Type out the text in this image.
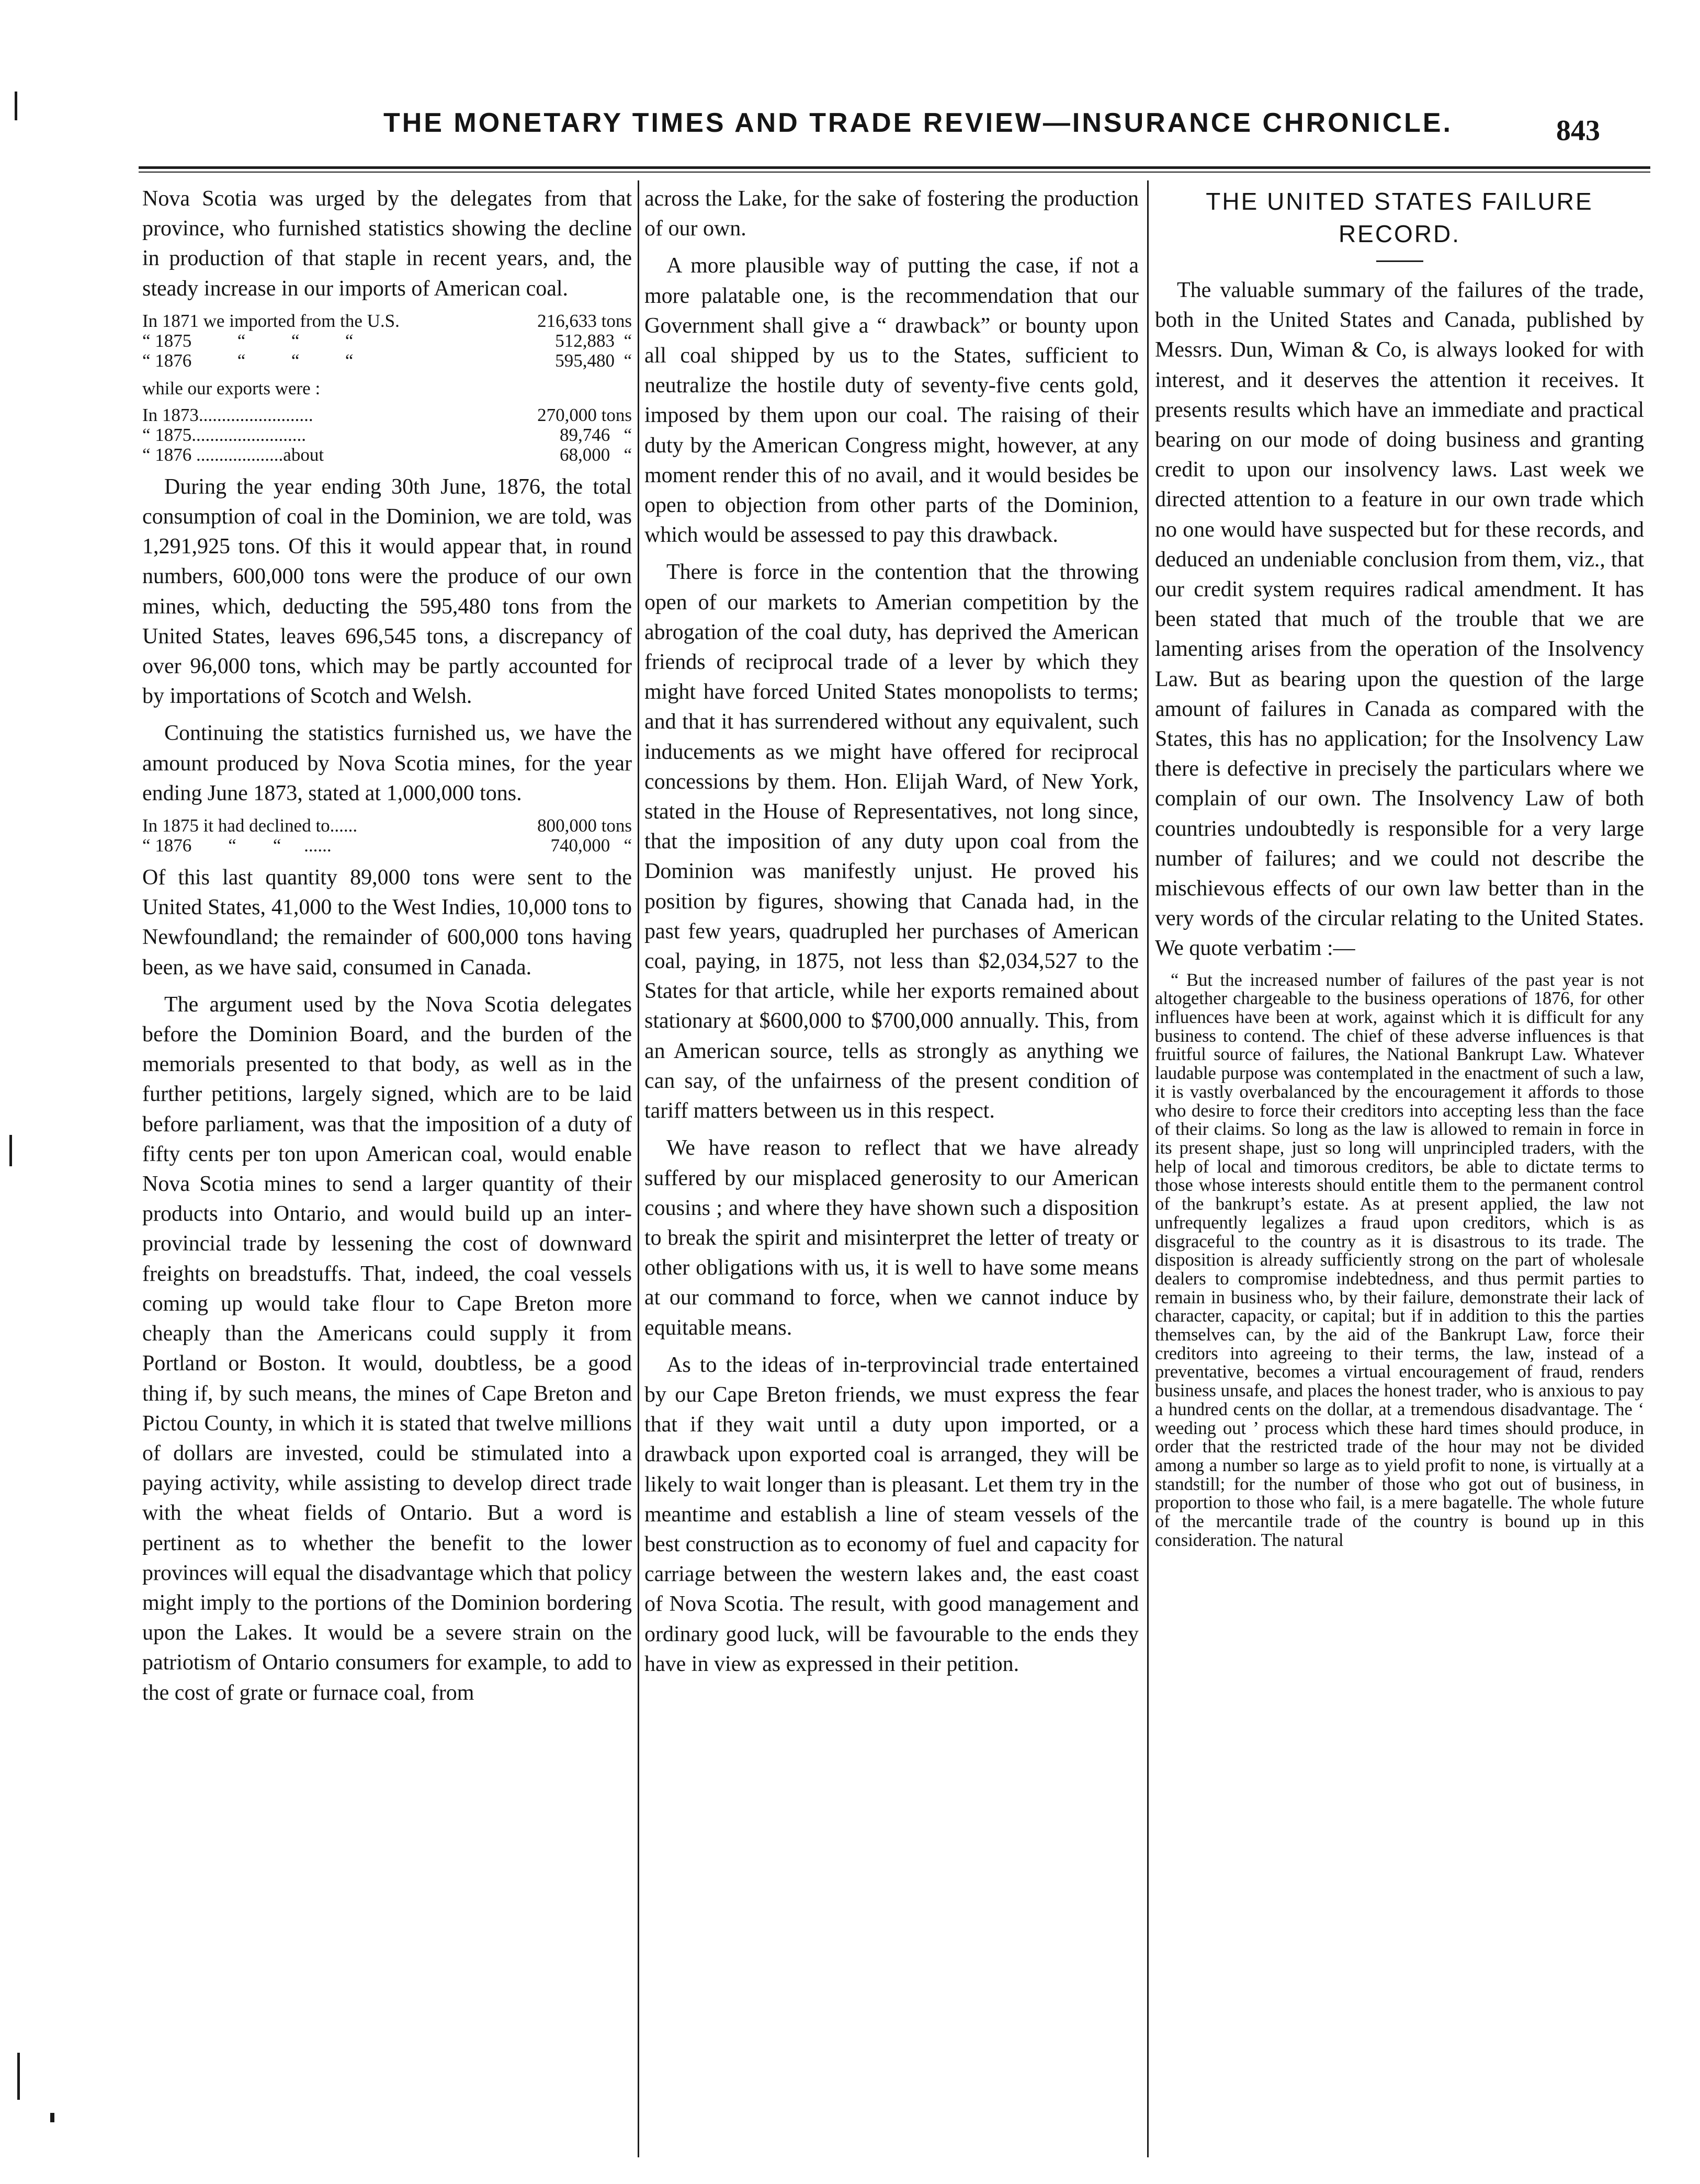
THE MONETARY TIMES AND TRADE REVIEW—INSURANCE CHRONICLE.	843

Nova Scotia was urged by the delegates from that province, who furnished statistics showing the decline in production of that staple in recent years, and, the steady increase in our imports of American coal.

In 1871 we imported from the U.S.	216,633 tons
“ 1875          “          “          “	512,883  “
“ 1876          “          “          “	595,480  “

while our exports were :

In 1873.........................	270,000 tons
“ 1875.........................	89,746   “
“ 1876 ...................about	68,000   “

During the year ending 30th June, 1876, the total consumption of coal in the Dominion, we are told, was 1,291,925 tons. Of this it would appear that, in round numbers, 600,000 tons were the produce of our own mines, which, deducting the 595,480 tons from the United States, leaves 696,545 tons, a discrepancy of over 96,000 tons, which may be partly accounted for by importations of Scotch and Welsh.

Continuing the statistics furnished us, we have the amount produced by Nova Scotia mines, for the year ending June 1873, stated at 1,000,000 tons.

In 1875 it had declined to......	800,000 tons
“ 1876        “        “     ......	740,000   “

Of this last quantity 89,000 tons were sent to the United States, 41,000 to the West Indies, 10,000 tons to Newfoundland; the remainder of 600,000 tons having been, as we have said, consumed in Canada.

The argument used by the Nova Scotia delegates before the Dominion Board, and the burden of the memorials presented to that body, as well as in the further petitions, largely signed, which are to be laid before parliament, was that the imposition of a duty of fifty cents per ton upon American coal, would enable Nova Scotia mines to send a larger quantity of their products into Ontario, and would build up an inter-provincial trade by lessening the cost of downward freights on breadstuffs. That, indeed, the coal vessels coming up would take flour to Cape Breton more cheaply than the Americans could supply it from Portland or Boston. It would, doubtless, be a good thing if, by such means, the mines of Cape Breton and Pictou County, in which it is stated that twelve millions of dollars are invested, could be stimulated into a paying activity, while assisting to develop direct trade with the wheat fields of Ontario. But a word is pertinent as to whether the benefit to the lower provinces will equal the disadvantage which that policy might imply to the portions of the Dominion bordering upon the Lakes. It would be a severe strain on the patriotism of Ontario consumers for example, to add to the cost of grate or furnace coal, from

across the Lake, for the sake of fostering the production of our own.

A more plausible way of putting the case, if not a more palatable one, is the recommendation that our Government shall give a “ drawback” or bounty upon all coal shipped by us to the States, sufficient to neutralize the hostile duty of seventy-five cents gold, imposed by them upon our coal. The raising of their duty by the American Congress might, however, at any moment render this of no avail, and it would besides be open to objection from other parts of the Dominion, which would be assessed to pay this drawback.

There is force in the contention that the throwing open of our markets to Amerian competition by the abrogation of the coal duty, has deprived the American friends of reciprocal trade of a lever by which they might have forced United States monopolists to terms; and that it has surrendered without any equivalent, such inducements as we might have offered for reciprocal concessions by them. Hon. Elijah Ward, of New York, stated in the House of Representatives, not long since, that the imposition of any duty upon coal from the Dominion was manifestly unjust. He proved his position by figures, showing that Canada had, in the past few years, quadrupled her purchases of American coal, paying, in 1875, not less than $2,034,527 to the States for that article, while her exports remained about stationary at $600,000 to $700,000 annually. This, from an American source, tells as strongly as anything we can say, of the unfairness of the present condition of tariff matters between us in this respect.

We have reason to reflect that we have already suffered by our misplaced generosity to our American cousins ; and where they have shown such a disposition to break the spirit and misinterpret the letter of treaty or other obligations with us, it is well to have some means at our command to force, when we cannot induce by equitable means.

As to the ideas of in-terprovincial trade entertained by our Cape Breton friends, we must express the fear that if they wait until a duty upon imported, or a drawback upon exported coal is arranged, they will be likely to wait longer than is pleasant. Let them try in the meantime and establish a line of steam vessels of the best construction as to economy of fuel and capacity for carriage between the western lakes and, the east coast of Nova Scotia. The result, with good management and ordinary good luck, will be favourable to the ends they have in view as expressed in their petition.

THE UNITED STATES FAILURE
RECORD.

The valuable summary of the failures of the trade, both in the United States and Canada, published by Messrs. Dun, Wiman & Co, is always looked for with interest, and it deserves the attention it receives. It presents results which have an immediate and practical bearing on our mode of doing business and granting credit to upon our insolvency laws. Last week we directed attention to a feature in our own trade which no one would have suspected but for these records, and deduced an undeniable conclusion from them, viz., that our credit system requires radical amendment. It has been stated that much of the trouble that we are lamenting arises from the operation of the Insolvency Law. But as bearing upon the question of the large amount of failures in Canada as compared with the States, this has no application; for the Insolvency Law there is defective in precisely the particulars where we complain of our own. The Insolvency Law of both countries undoubtedly is responsible for a very large number of failures; and we could not describe the mischievous effects of our own law better than in the very words of the circular relating to the United States. We quote verbatim :—

“ But the increased number of failures of the past year is not altogether chargeable to the business operations of 1876, for other influences have been at work, against which it is difficult for any business to contend. The chief of these adverse influences is that fruitful source of failures, the National Bankrupt Law. Whatever laudable purpose was contemplated in the enactment of such a law, it is vastly overbalanced by the encouragement it affords to those who desire to force their creditors into accepting less than the face of their claims. So long as the law is allowed to remain in force in its present shape, just so long will unprincipled traders, with the help of local and timorous creditors, be able to dictate terms to those whose interests should entitle them to the permanent control of the bankrupt’s estate. As at present applied, the law not unfrequently legalizes a fraud upon creditors, which is as disgraceful to the country as it is disastrous to its trade. The disposition is already sufficiently strong on the part of wholesale dealers to compromise indebtedness, and thus permit parties to remain in business who, by their failure, demonstrate their lack of character, capacity, or capital; but if in addition to this the parties themselves can, by the aid of the Bankrupt Law, force their creditors into agreeing to their terms, the law, instead of a preventative, becomes a virtual encouragement of fraud, renders business unsafe, and places the honest trader, who is anxious to pay a hundred cents on the dollar, at a tremendous disadvantage. The ‘ weeding out ’ process which these hard times should produce, in order that the restricted trade of the hour may not be divided among a number so large as to yield profit to none, is virtually at a standstill; for the number of those who got out of business, in proportion to those who fail, is a mere bagatelle. The whole future of the mercantile trade of the country is bound up in this consideration. The natural
